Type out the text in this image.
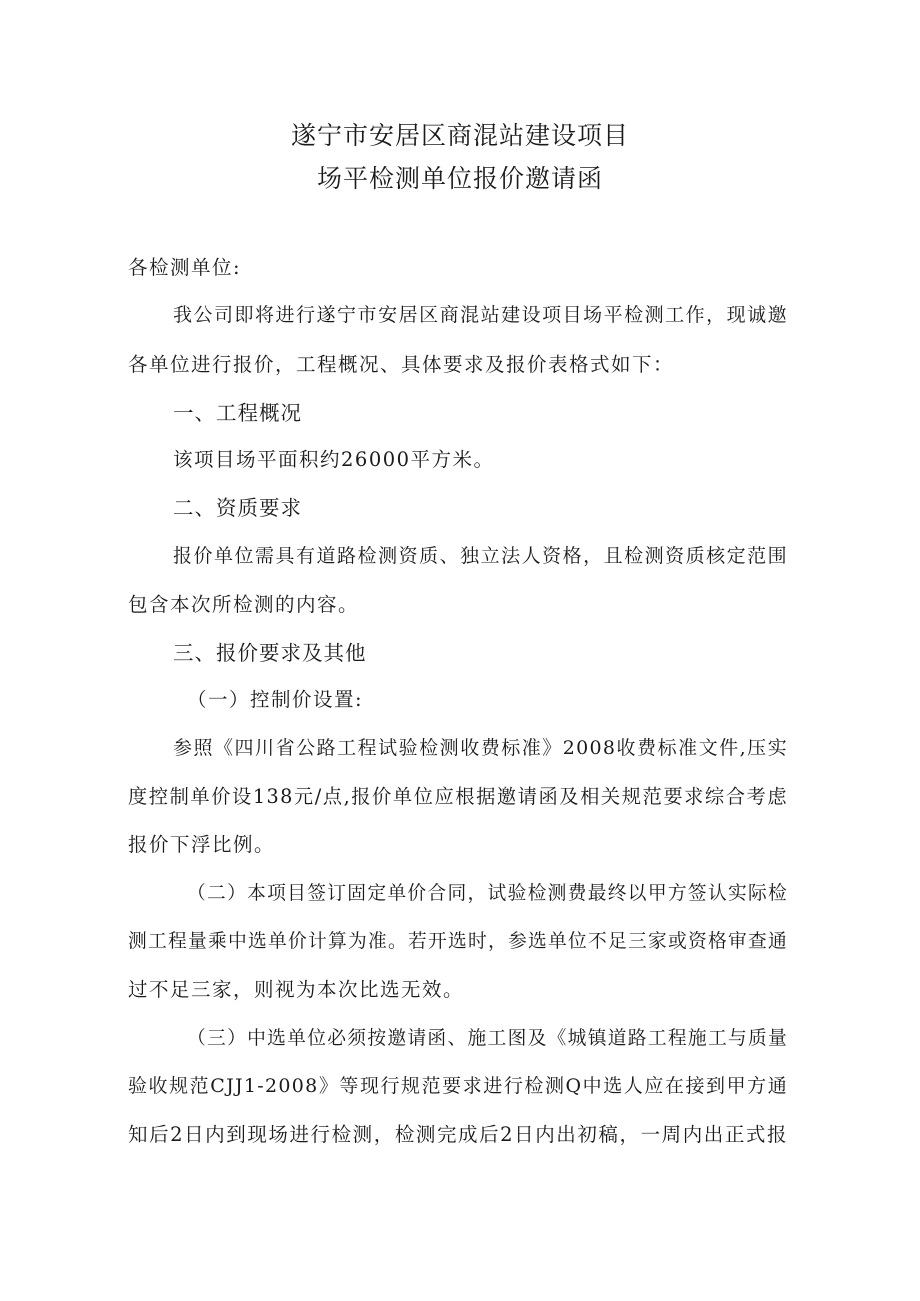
遂宁市安居区商混站建设项目
场平检测单位报价邀请函
各检测单位:
我公司即将进行遂宁市安居区商混站建设项目场平检测工作，现诚邀
各单位进行报价，工程概况、具体要求及报价表格式如下：
一、工程概况
该项目场平面积约26000平方米。
二、资质要求
报价单位需具有道路检测资质、独立法人资格，且检测资质核定范围
包含本次所检测的内容。
三、报价要求及其他
（一）控制价设置:
参照《四川省公路工程试验检测收费标准》2008收费标准文件,压实
度控制单价设138元/点,报价单位应根据邀请函及相关规范要求综合考虑
报价下浮比例。
（二）本项目签订固定单价合同，试验检测费最终以甲方签认实际检
测工程量乘中选单价计算为准。若开选时，参选单位不足三家或资格审查通
过不足三家，则视为本次比选无效。
（三）中选单位必须按邀请函、施工图及《城镇道路工程施工与质量
验收规范CJJ1-2008》等现行规范要求进行检测Q中选人应在接到甲方通
知后2日内到现场进行检测，检测完成后2日内出初稿，一周内出正式报
